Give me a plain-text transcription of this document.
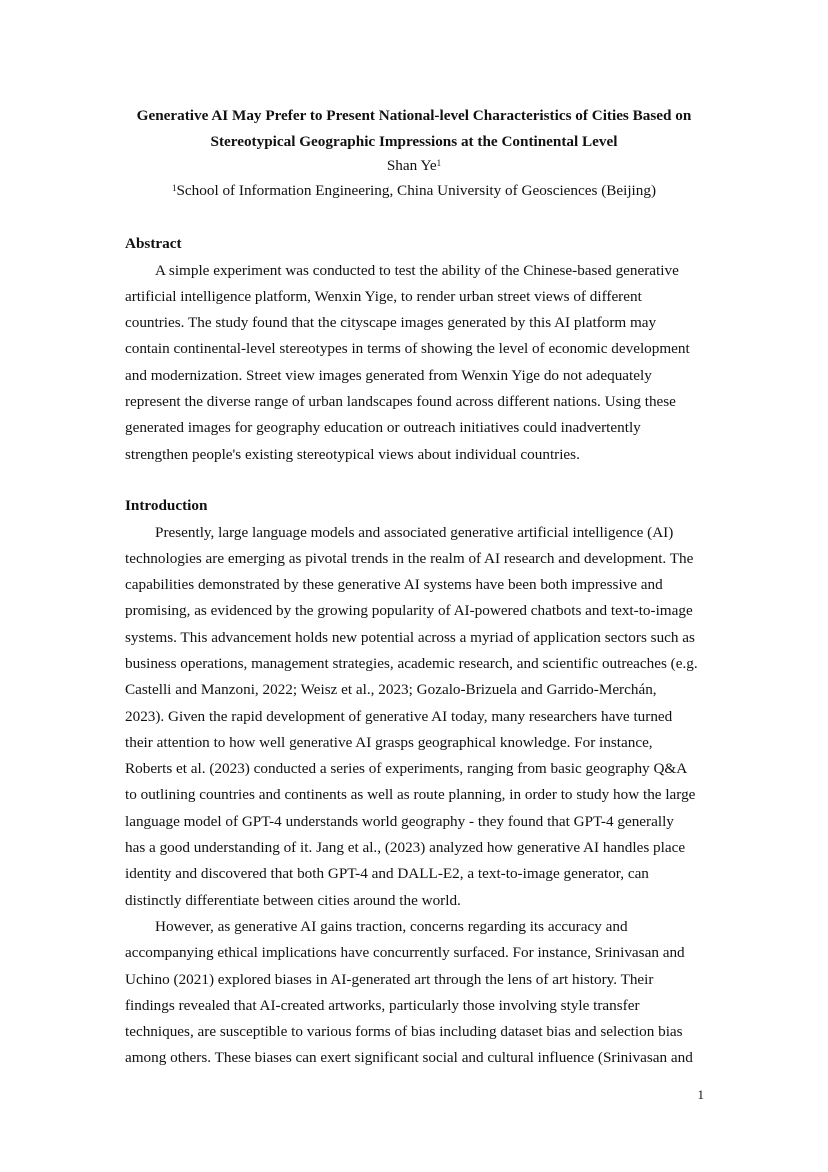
Generative AI May Prefer to Present National-level Characteristics of Cities Based on
Stereotypical Geographic Impressions at the Continental Level
Shan Ye$^1$
$^1$School of Information Engineering, China University of Geosciences (Beijing)
Abstract
A simple experiment was conducted to test the ability of the Chinese-based generative
artificial intelligence platform, Wenxin Yige, to render urban street views of different
countries. The study found that the cityscape images generated by this AI platform may
contain continental-level stereotypes in terms of showing the level of economic development
and modernization. Street view images generated from Wenxin Yige do not adequately
represent the diverse range of urban landscapes found across different nations. Using these
generated images for geography education or outreach initiatives could inadvertently
strengthen people's existing stereotypical views about individual countries.
Introduction
Presently, large language models and associated generative artificial intelligence (AI)
technologies are emerging as pivotal trends in the realm of AI research and development. The
capabilities demonstrated by these generative AI systems have been both impressive and
promising, as evidenced by the growing popularity of AI-powered chatbots and text-to-image
systems. This advancement holds new potential across a myriad of application sectors such as
business operations, management strategies, academic research, and scientific outreaches (e.g.
Castelli and Manzoni, 2022; Weisz et al., 2023; Gozalo-Brizuela and Garrido-Merchán,
2023). Given the rapid development of generative AI today, many researchers have turned
their attention to how well generative AI grasps geographical knowledge. For instance,
Roberts et al. (2023) conducted a series of experiments, ranging from basic geography Q&A
to outlining countries and continents as well as route planning, in order to study how the large
language model of GPT-4 understands world geography - they found that GPT-4 generally
has a good understanding of it. Jang et al., (2023) analyzed how generative AI handles place
identity and discovered that both GPT-4 and DALL-E2, a text-to-image generator, can
distinctly differentiate between cities around the world.
However, as generative AI gains traction, concerns regarding its accuracy and
accompanying ethical implications have concurrently surfaced. For instance, Srinivasan and
Uchino (2021) explored biases in AI-generated art through the lens of art history. Their
findings revealed that AI-created artworks, particularly those involving style transfer
techniques, are susceptible to various forms of bias including dataset bias and selection bias
among others. These biases can exert significant social and cultural influence (Srinivasan and
1
